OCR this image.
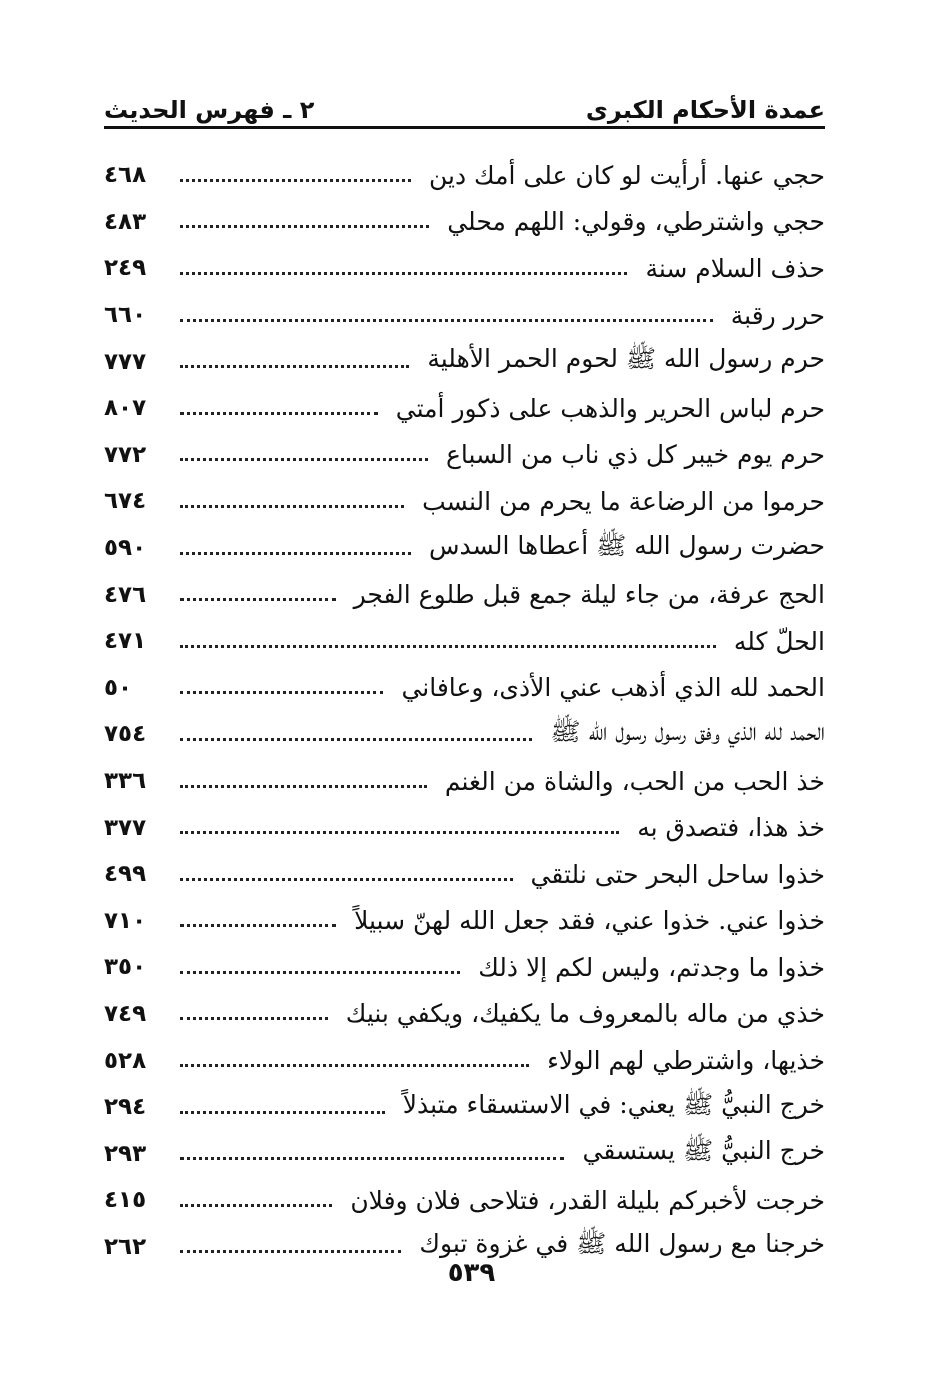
عمدة الأحكام الكبرى
٢ ـ فهرس الحديث
حجي عنها. أرأيت لو كان على أمك دين
٤٦٨
حجي واشترطي، وقولي: اللهم محلي
٤٨٣
حذف السلام سنة
٢٤٩
حرر رقبة
٦٦٠
حرم رسول الله ﷺ لحوم الحمر الأهلية
٧٧٧
حرم لباس الحرير والذهب على ذكور أمتي
٨٠٧
حرم يوم خيبر كل ذي ناب من السباع
٧٧٢
حرموا من الرضاعة ما يحرم من النسب
٦٧٤
حضرت رسول الله ﷺ أعطاها السدس
٥٩٠
الحج عرفة، من جاء ليلة جمع قبل طلوع الفجر
٤٧٦
الحلّ كله
٤٧١
الحمد لله الذي أذهب عني الأذى، وعافاني
٥٠
الحمد لله الذي وفق رسول رسول الله ﷺ
٧٥٤
خذ الحب من الحب، والشاة من الغنم
٣٣٦
خذ هذا، فتصدق به
٣٧٧
خذوا ساحل البحر حتى نلتقي
٤٩٩
خذوا عني. خذوا عني، فقد جعل الله لهنّ سبيلاً
٧١٠
خذوا ما وجدتم، وليس لكم إلا ذلك
٣٥٠
خذي من ماله بالمعروف ما يكفيك، ويكفي بنيك
٧٤٩
خذيها، واشترطي لهم الولاء
٥٢٨
خرج النبيُّ ﷺ يعني: في الاستسقاء متبذلاً
٢٩٤
خرج النبيُّ ﷺ يستسقي
٢٩٣
خرجت لأخبركم بليلة القدر، فتلاحى فلان وفلان
٤١٥
خرجنا مع رسول الله ﷺ في غزوة تبوك
٢٦٢
٥٣٩
